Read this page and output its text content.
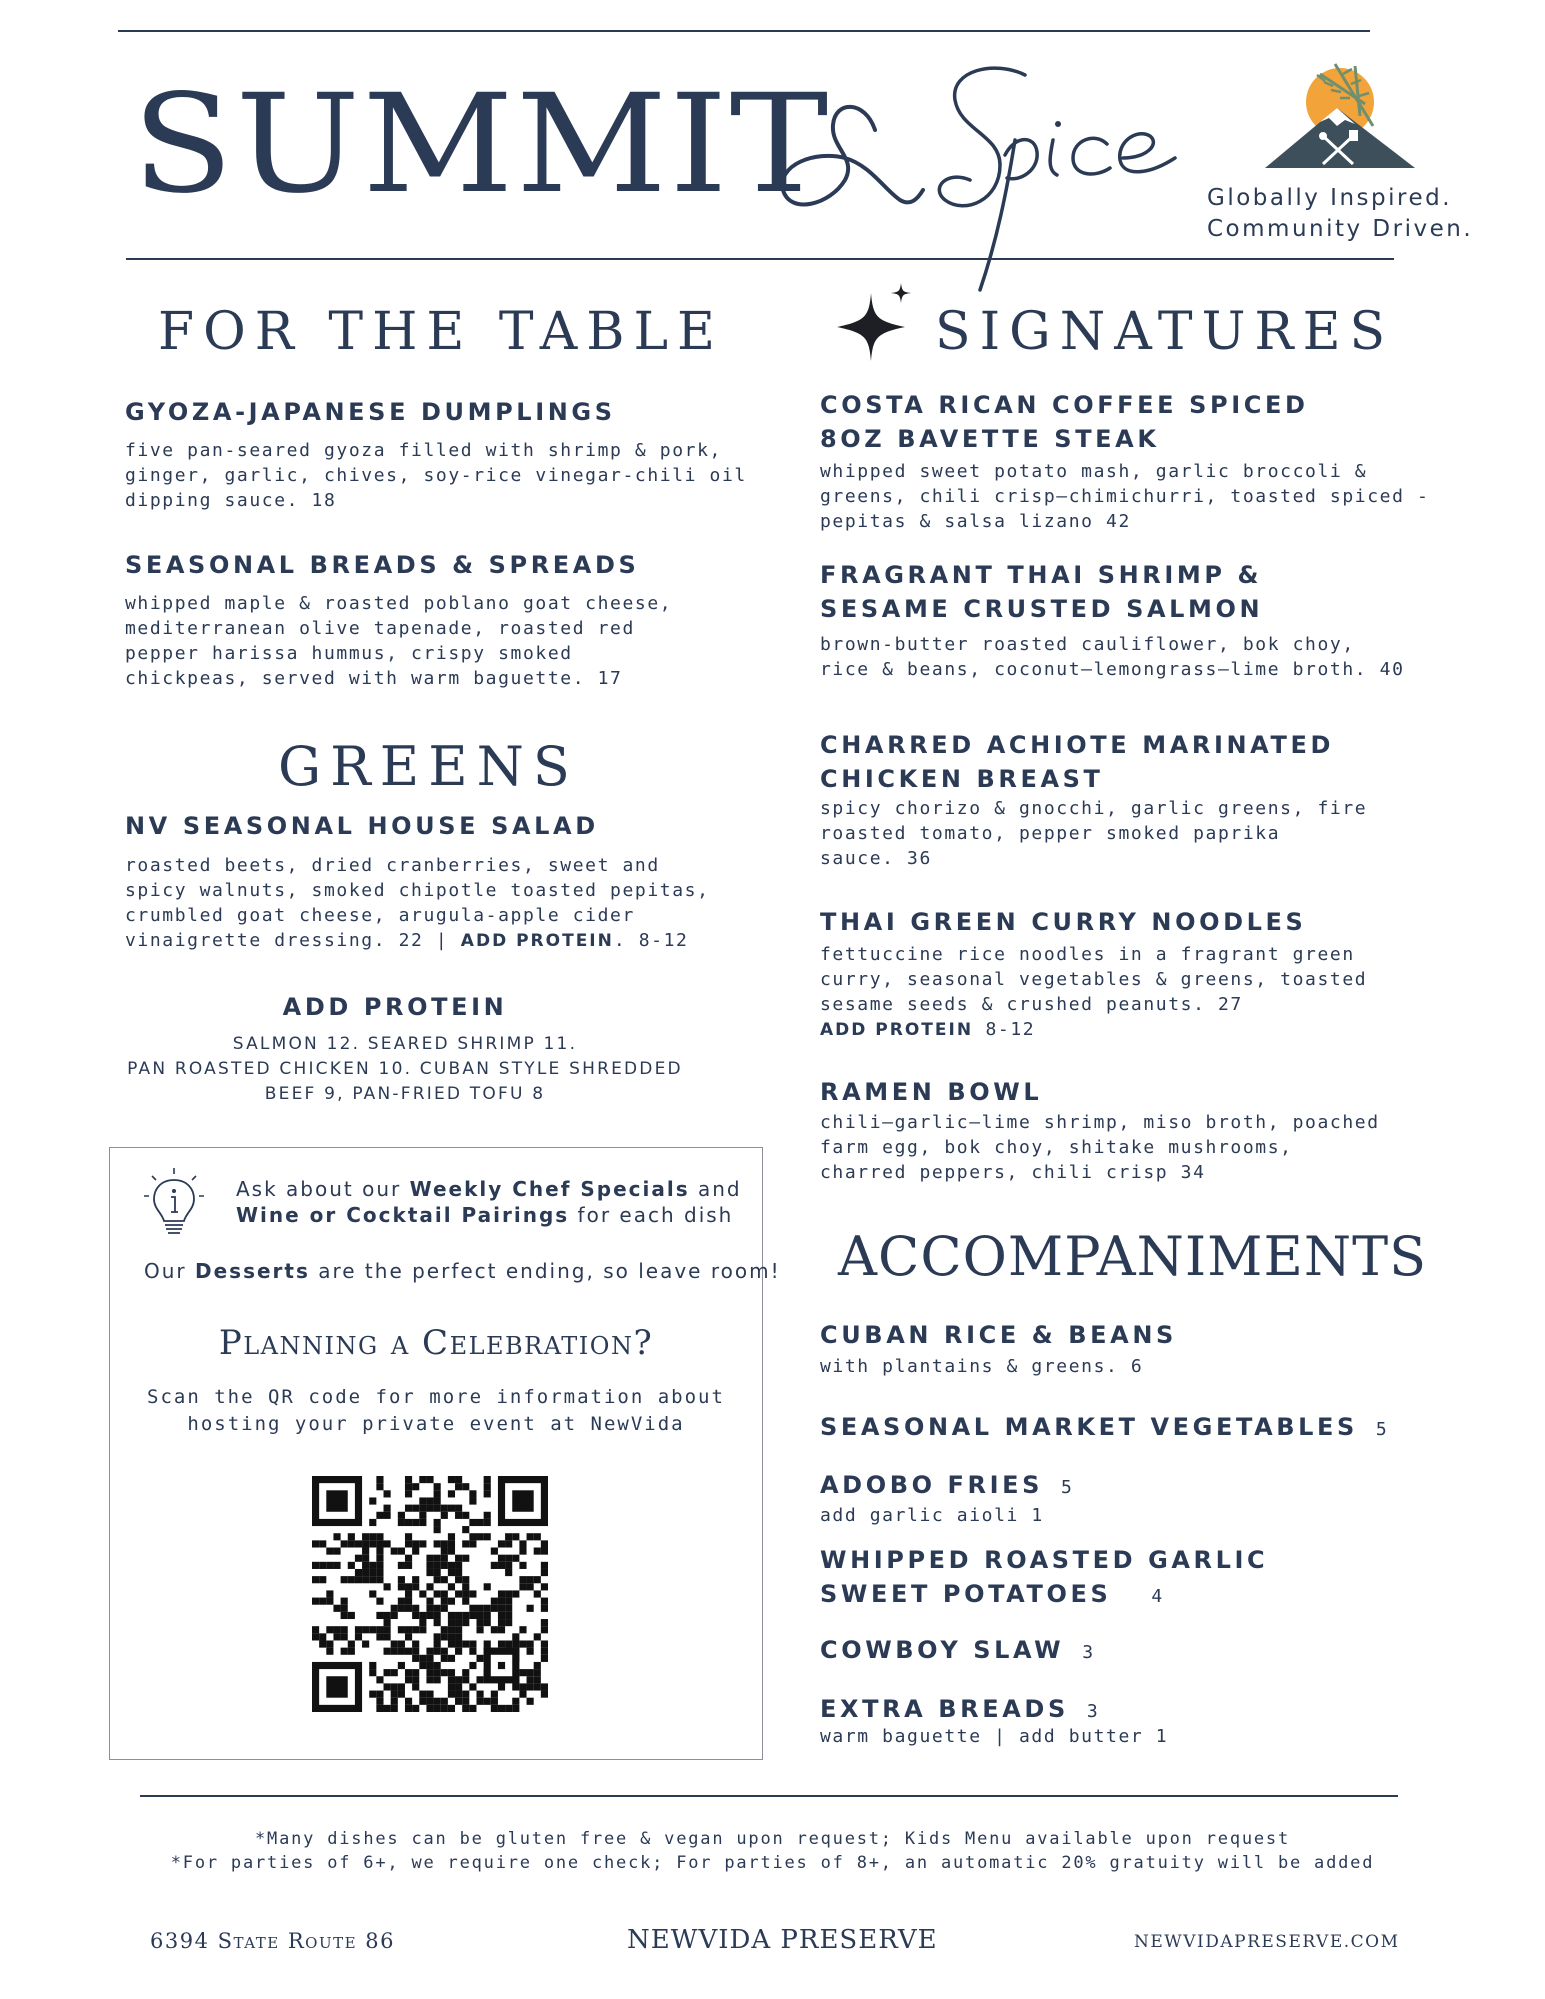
SUMMIT	Globally Inspired.
Community Driven.
FOR THE TABLE
GYOZA-JAPANESE DUMPLINGS
five pan-seared gyoza filled with shrimp & pork,
ginger, garlic, chives, soy-rice vinegar-chili oil
dipping sauce. 18
SEASONAL BREADS & SPREADS
whipped maple & roasted poblano goat cheese,
mediterranean olive tapenade, roasted red
pepper harissa hummus, crispy smoked
chickpeas, served with warm baguette. 17
GREENS
NV SEASONAL HOUSE SALAD
roasted beets, dried cranberries, sweet and
spicy walnuts, smoked chipotle toasted pepitas,
crumbled goat cheese, arugula-apple cider
vinaigrette dressing. 22 | ADD PROTEIN. 8-12
ADD PROTEIN
SALMON 12. SEARED SHRIMP 11.
PAN ROASTED CHICKEN 10. CUBAN STYLE SHREDDED
BEEF 9, PAN-FRIED TOFU 8
Ask about our Weekly Chef Specials and
Wine or Cocktail Pairings for each dish
Our Desserts are the perfect ending, so leave room!
Planning a Celebration?
Scan the QR code for more information about
hosting your private event at NewVida
SIGNATURES
COSTA RICAN COFFEE SPICED
8OZ BAVETTE STEAK
whipped sweet potato mash, garlic broccoli &
greens, chili crisp—chimichurri, toasted spiced -
pepitas & salsa lizano 42
FRAGRANT THAI SHRIMP &
SESAME CRUSTED SALMON
brown-butter roasted cauliflower, bok choy,
rice & beans, coconut—lemongrass—lime broth. 40
CHARRED ACHIOTE MARINATED
CHICKEN BREAST
spicy chorizo & gnocchi, garlic greens, fire
roasted tomato, pepper smoked paprika
sauce. 36
THAI GREEN CURRY NOODLES
fettuccine rice noodles in a fragrant green
curry, seasonal vegetables & greens, toasted
sesame seeds & crushed peanuts. 27
ADD PROTEIN 8-12
RAMEN BOWL
chili—garlic—lime shrimp, miso broth, poached
farm egg, bok choy, shitake mushrooms,
charred peppers, chili crisp 34
ACCOMPANIMENTS
CUBAN RICE & BEANS
with plantains & greens. 6
SEASONAL MARKET VEGETABLES 5
ADOBO FRIES 5
add garlic aioli 1
WHIPPED ROASTED GARLIC
SWEET POTATOES 4
COWBOY SLAW 3
EXTRA BREADS 3
warm baguette | add butter 1
*Many dishes can be gluten free & vegan upon request; Kids Menu available upon request
*For parties of 6+, we require one check; For parties of 8+, an automatic 20% gratuity will be added
6394 State Route 86	NEWVIDA PRESERVE	NEWVIDAPRESERVE.COM
